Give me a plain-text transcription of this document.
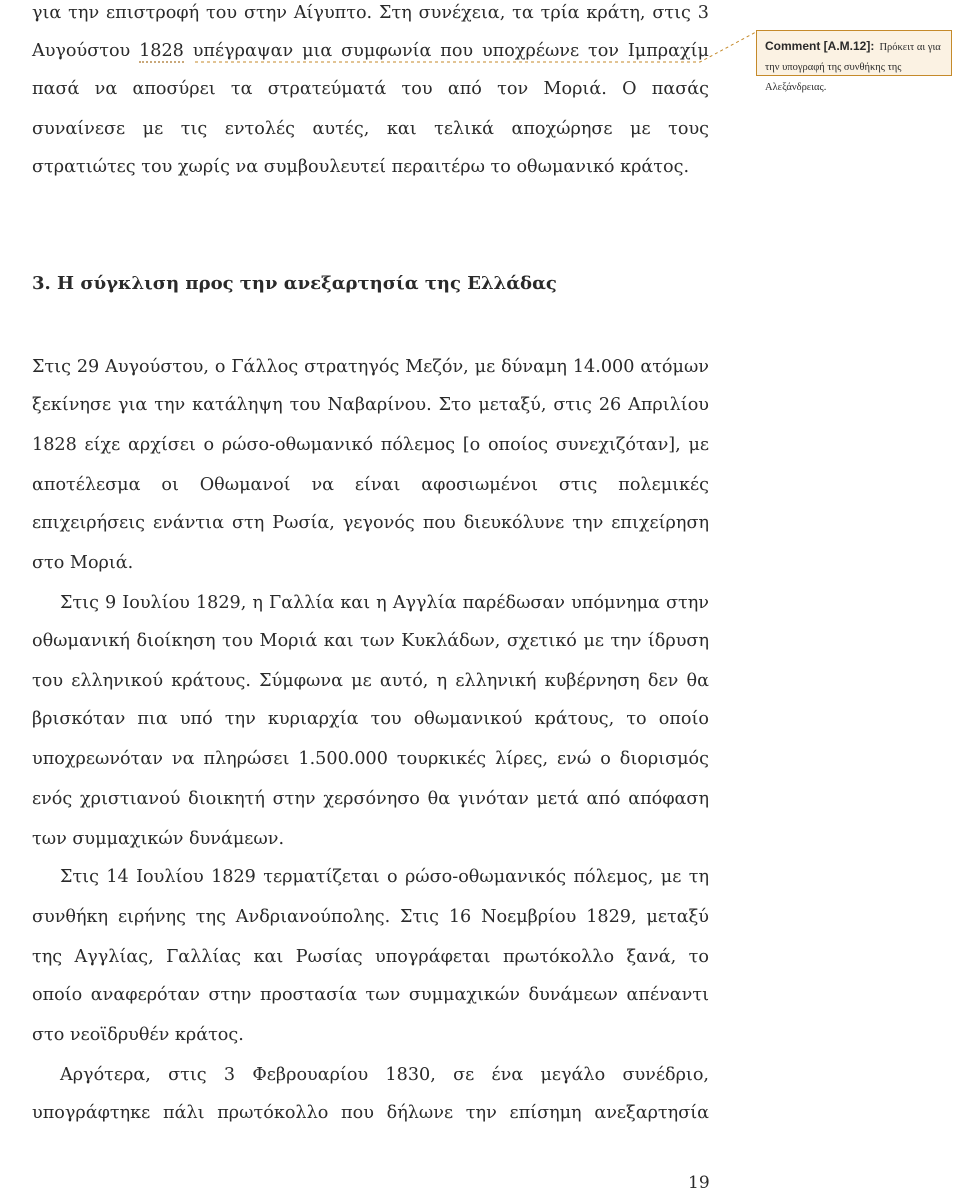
για την επιστροφή του στην Αίγυπτο. Στη συνέχεια, τα τρία κράτη, στις 3
Αυγούστου 1828 υπέγραψαν μια συμφωνία που υποχρέωνε τον Ιμπραχίμ
πασά να αποσύρει τα στρατεύματά του από τον Μοριά. Ο πασάς
συναίνεσε με τις εντολές αυτές, και τελικά αποχώρησε με τους
στρατιώτες του χωρίς να συμβουλευτεί περαιτέρω το οθωμανικό κράτος.
Comment [A.M.12]: Πρόκειτ αι για την υπογραφή της συνθήκης της Αλεξάνδρειας.
3. Η σύγκλιση προς την ανεξαρτησία της Ελλάδας
Στις 29 Αυγούστου, ο Γάλλος στρατηγός Μεζόν, με δύναμη 14.000 ατόμων
ξεκίνησε για την κατάληψη του Ναβαρίνου. Στο μεταξύ, στις 26 Απριλίου
1828 είχε αρχίσει ο ρώσο-οθωμανικό πόλεμος [ο οποίος συνεχιζόταν], με
αποτέλεσμα οι Οθωμανοί να είναι αφοσιωμένοι στις πολεμικές
επιχειρήσεις ενάντια στη Ρωσία, γεγονός που διευκόλυνε την επιχείρηση
στο Μοριά.
Στις 9 Ιουλίου 1829, η Γαλλία και η Αγγλία παρέδωσαν υπόμνημα στην
οθωμανική διοίκηση του Μοριά και των Κυκλάδων, σχετικό με την ίδρυση
του ελληνικού κράτους. Σύμφωνα με αυτό, η ελληνική κυβέρνηση δεν θα
βρισκόταν πια υπό την κυριαρχία του οθωμανικού κράτους, το οποίο
υποχρεωνόταν να πληρώσει 1.500.000 τουρκικές λίρες, ενώ ο διορισμός
ενός χριστιανού διοικητή στην χερσόνησο θα γινόταν μετά από απόφαση
των συμμαχικών δυνάμεων.
Στις 14 Ιουλίου 1829 τερματίζεται ο ρώσο-οθωμανικός πόλεμος, με τη
συνθήκη ειρήνης της Ανδριανούπολης. Στις 16 Νοεμβρίου 1829, μεταξύ
της Αγγλίας, Γαλλίας και Ρωσίας υπογράφεται πρωτόκολλο ξανά, το
οποίο αναφερόταν στην προστασία των συμμαχικών δυνάμεων απέναντι
στο νεοϊδρυθέν κράτος.
Αργότερα, στις 3 Φεβρουαρίου 1830, σε ένα μεγάλο συνέδριο,
υπογράφτηκε πάλι πρωτόκολλο που δήλωνε την επίσημη ανεξαρτησία
19
